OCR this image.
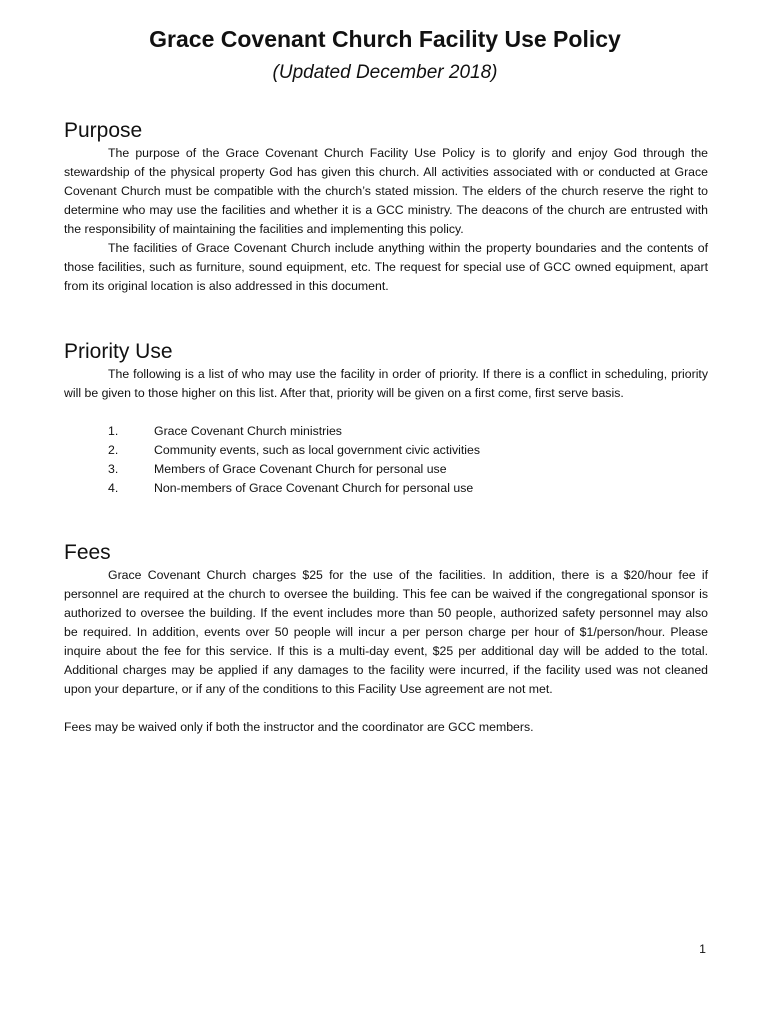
Grace Covenant Church Facility Use Policy
(Updated December 2018)
Purpose

The purpose of the Grace Covenant Church Facility Use Policy is to glorify and enjoy God through the stewardship of the physical property God has given this church. All activities associated with or conducted at Grace Covenant Church must be compatible with the church’s stated mission. The elders of the church reserve the right to determine who may use the facilities and whether it is a GCC ministry. The deacons of the church are entrusted with the responsibility of maintaining the facilities and implementing this policy.

The facilities of Grace Covenant Church include anything within the property boundaries and the contents of those facilities, such as furniture, sound equipment, etc. The request for special use of GCC owned equipment, apart from its original location is also addressed in this document.

Priority Use

The following is a list of who may use the facility in order of priority. If there is a conflict in scheduling, priority will be given to those higher on this list. After that, priority will be given on a first come, first serve basis.

1.	Grace Covenant Church ministries
2.	Community events, such as local government civic activities
3.	Members of Grace Covenant Church for personal use
4.	Non-members of Grace Covenant Church for personal use
Fees

Grace Covenant Church charges $25 for the use of the facilities. In addition, there is a $20/hour fee if personnel are required at the church to oversee the building. This fee can be waived if the congregational sponsor is authorized to oversee the building. If the event includes more than 50 people, authorized safety personnel may also be required. In addition, events over 50 people will incur a per person charge per hour of $1/person/hour. Please inquire about the fee for this service. If this is a multi-day event, $25 per additional day will be added to the total. Additional charges may be applied if any damages to the facility were incurred, if the facility used was not cleaned upon your departure, or if any of the conditions to this Facility Use agreement are not met.

Fees may be waived only if both the instructor and the coordinator are GCC members.

1
